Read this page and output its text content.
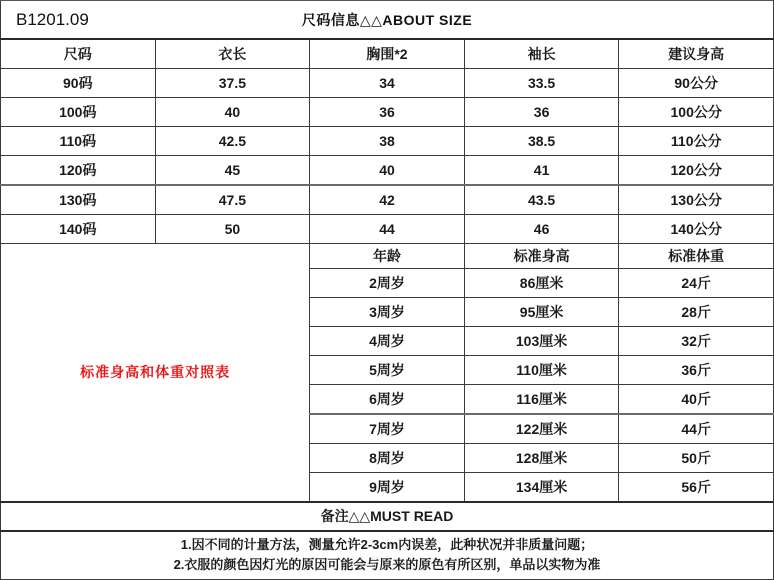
B1201.09 尺码信息△△ABOUT SIZE				

尺码	衣长	胸围*2	袖长	建议身高
90码	37.5	34	33.5	90公分
100码	40	36	36	100公分
110码	42.5	38	38.5	110公分
120码	45	40	41	120公分
130码	47.5	42	43.5	130公分
140码	50	44	46	140公分
标准身高和体重对照表		年龄	标准身高	标准体重
		2周岁	86厘米	24斤
		3周岁	95厘米	28斤
		4周岁	103厘米	32斤
		5周岁	110厘米	36斤
		6周岁	116厘米	40斤
		7周岁	122厘米	44斤
		8周岁	128厘米	50斤
		9周岁	134厘米	56斤
备注△△MUST READ				

1.因不同的计量方法，测量允许2-3cm内误差，此种状况并非质量问题；
2.衣服的颜色因灯光的原因可能会与原来的原色有所区别，单品以实物为准				
